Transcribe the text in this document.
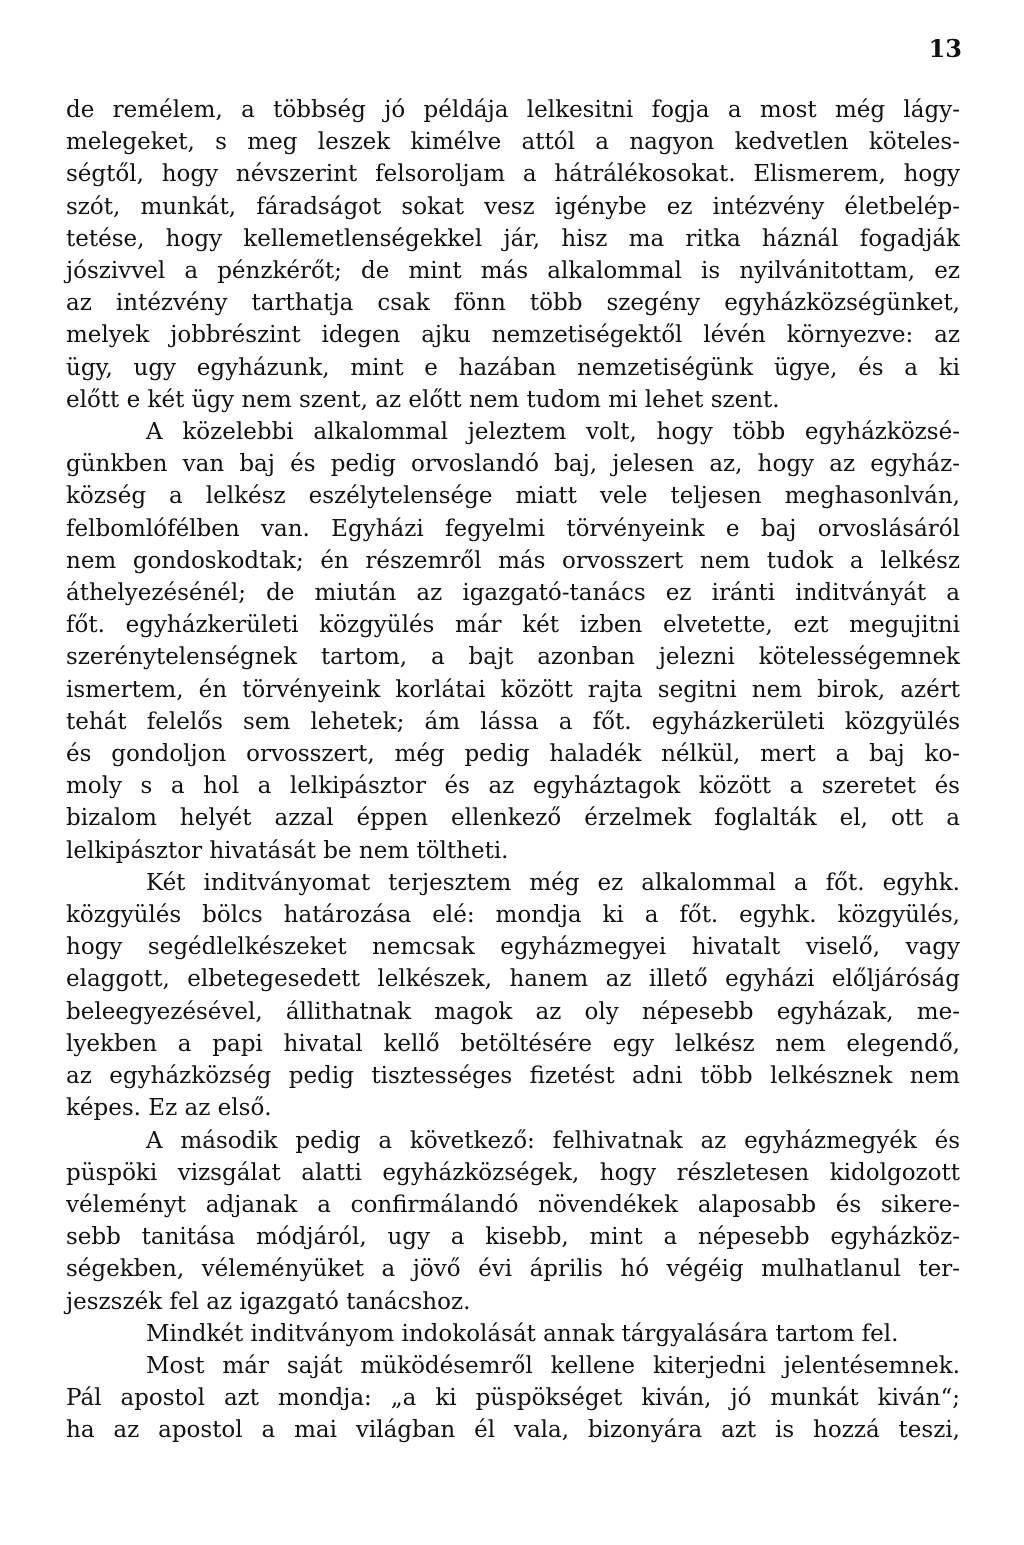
13

de remélem, a többség jó példája lelkesitni fogja a most még lágy-
melegeket, s meg leszek kimélve attól a nagyon kedvetlen köteles-
ségtől, hogy névszerint felsoroljam a hátrálékosokat. Elismerem, hogy
szót, munkát, fáradságot sokat vesz igénybe ez intézvény életbelép-
tetése, hogy kellemetlenségekkel jár, hisz ma ritka háznál fogadják
jószivvel a pénzkérőt; de mint más alkalommal is nyilvánitottam, ez
az intézvény tarthatja csak fönn több szegény egyházközségünket,
melyek jobbrészint idegen ajku nemzetiségektől lévén környezve: az
ügy, ugy egyházunk, mint e hazában nemzetiségünk ügye, és a ki
előtt e két ügy nem szent, az előtt nem tudom mi lehet szent.

A közelebbi alkalommal jeleztem volt, hogy több egyházközsé-
günkben van baj és pedig orvoslandó baj, jelesen az, hogy az egyház-
község a lelkész eszélytelensége miatt vele teljesen meghasonlván,
felbomlófélben van. Egyházi fegyelmi törvényeink e baj orvoslásáról
nem gondoskodtak; én részemről más orvosszert nem tudok a lelkész
áthelyezésénél; de miután az igazgató-tanács ez iránti inditványát a
főt. egyházkerületi közgyülés már két izben elvetette, ezt megujitni
szerénytelenségnek tartom, a bajt azonban jelezni kötelességemnek
ismertem, én törvényeink korlátai között rajta segitni nem birok, azért
tehát felelős sem lehetek; ám lássa a főt. egyházkerületi közgyülés
és gondoljon orvosszert, még pedig haladék nélkül, mert a baj ko-
moly s a hol a lelkipásztor és az egyháztagok között a szeretet és
bizalom helyét azzal éppen ellenkező érzelmek foglalták el, ott a
lelkipásztor hivatását be nem töltheti.

Két inditványomat terjesztem még ez alkalommal a főt. egyhk.
közgyülés bölcs határozása elé: mondja ki a főt. egyhk. közgyülés,
hogy segédlelkészeket nemcsak egyházmegyei hivatalt viselő, vagy
elaggott, elbetegesedett lelkészek, hanem az illető egyházi előljáróság
beleegyezésével, állithatnak magok az oly népesebb egyházak, me-
lyekben a papi hivatal kellő betöltésére egy lelkész nem elegendő,
az egyházközség pedig tisztességes fizetést adni több lelkésznek nem
képes. Ez az első.

A második pedig a következő: felhivatnak az egyházmegyék és
püspöki vizsgálat alatti egyházközségek, hogy részletesen kidolgozott
véleményt adjanak a confirmálandó növendékek alaposabb és sikere-
sebb tanitása módjáról, ugy a kisebb, mint a népesebb egyházköz-
ségekben, véleményüket a jövő évi április hó végéig mulhatlanul ter-
jeszszék fel az igazgató tanácshoz.

Mindkét inditványom indokolását annak tárgyalására tartom fel.

Most már saját müködésemről kellene kiterjedni jelentésemnek.
Pál apostol azt mondja: „a ki püspökséget kiván, jó munkát kiván“;
ha az apostol a mai világban él vala, bizonyára azt is hozzá teszi,
